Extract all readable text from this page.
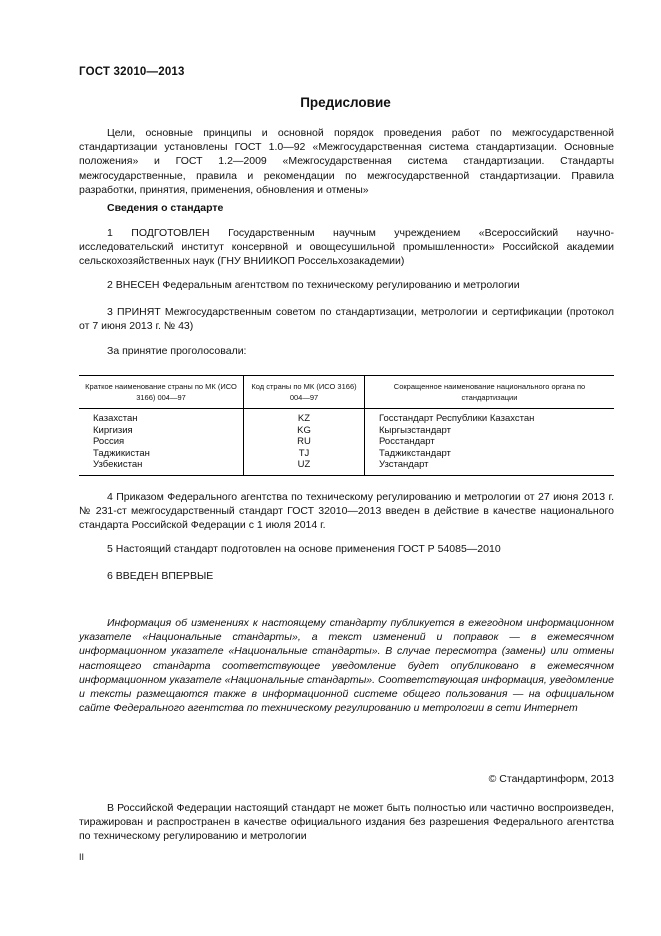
ГОСТ 32010—2013
Предисловие

Цели, основные принципы и основной порядок проведения работ по межгосударственной стандартизации установлены ГОСТ 1.0—92 «Межгосударственная система стандартизации. Основные положения» и ГОСТ 1.2—2009 «Межгосударственная система стандартизации. Стандарты межгосударственные, правила и рекомендации по межгосударственной стандартизации. Правила разработки, принятия, применения, обновления и отмены»

Сведения о стандарте

1 ПОДГОТОВЛЕН Государственным научным учреждением «Всероссийский научно-исследовательский институт консервной и овощесушильной промышленности» Российской академии сельскохозяйственных наук (ГНУ ВНИИКОП Россельхозакадемии)

2 ВНЕСЕН Федеральным агентством по техническому регулированию и метрологии

3 ПРИНЯТ Межгосударственным советом по стандартизации, метрологии и сертификации (протокол от 7 июня 2013 г. № 43)

За принятие проголосовали:
Краткое наименование страны по МК (ИСО 3166) 004—97	Код страны по МК (ИСО 3166) 004—97	Сокращенное наименование национального органа по стандартизации
Казахстан	KZ	Госстандарт Республики Казахстан
Киргизия	KG	Кыргызстандарт
Россия	RU	Росстандарт
Таджикистан	TJ	Таджикстандарт
Узбекистан	UZ	Узстандарт

4 Приказом Федерального агентства по техническому регулированию и метрологии от 27 июня 2013 г. № 231-ст межгосударственный стандарт ГОСТ 32010—2013 введен в действие в качестве национального стандарта Российской Федерации с 1 июля 2014 г.

5 Настоящий стандарт подготовлен на основе применения ГОСТ Р 54085—2010
6 ВВЕДЕН ВПЕРВЫЕ

Информация об изменениях к настоящему стандарту публикуется в ежегодном информационном указателе «Национальные стандарты», а текст изменений и поправок — в ежемесячном информационном указателе «Национальные стандарты». В случае пересмотра (замены) или отмены настоящего стандарта соответствующее уведомление будет опубликовано в ежемесячном информационном указателе «Национальные стандарты». Соответствующая информация, уведомление и тексты размещаются также в информационной системе общего пользования — на официальном сайте Федерального агентства по техническому регулированию и метрологии в сети Интернет

© Стандартинформ, 2013

В Российской Федерации настоящий стандарт не может быть полностью или частично воспроизведен, тиражирован и распространен в качестве официального издания без разрешения Федерального агентства по техническому регулированию и метрологии

II
